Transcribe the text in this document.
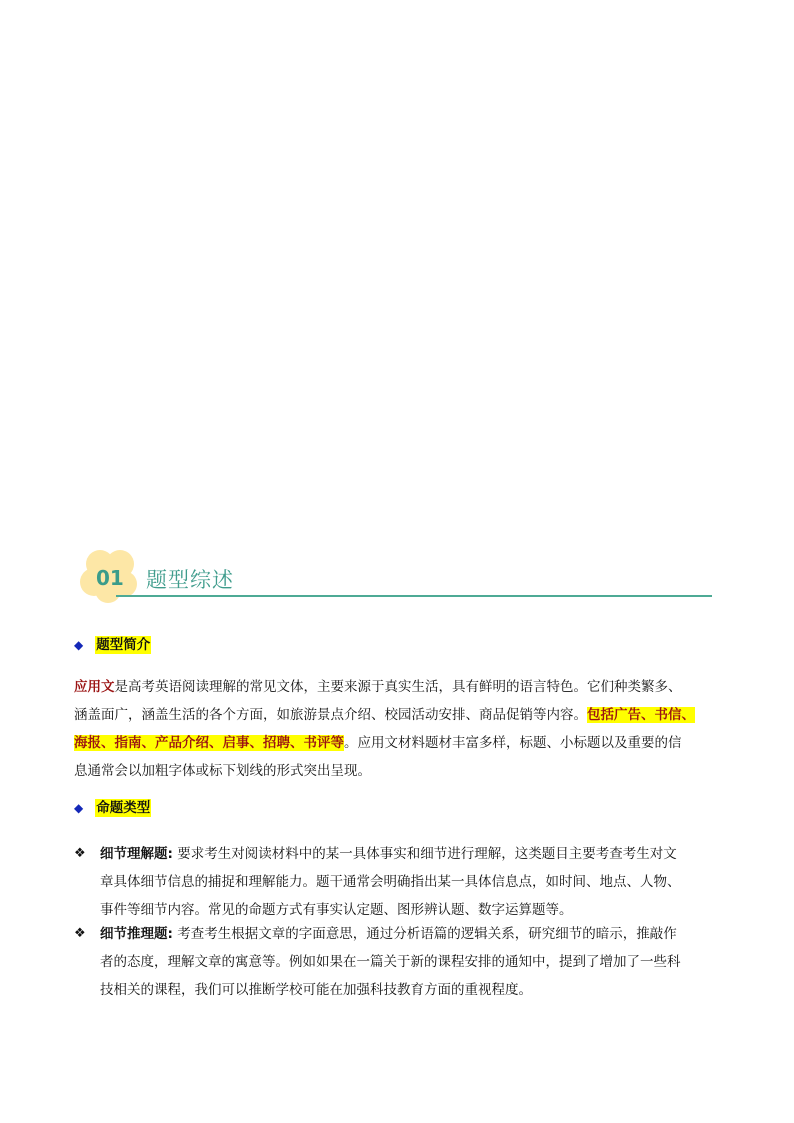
01 题型综述
◆ 题型简介
应用文是高考英语阅读理解的常见文体，主要来源于真实生活，具有鲜明的语言特色。它们种类繁多、
涵盖面广，涵盖生活的各个方面，如旅游景点介绍、校园活动安排、商品促销等内容。包括广告、书信、
海报、指南、产品介绍、启事、招聘、书评等。应用文材料题材丰富多样，标题、小标题以及重要的信
息通常会以加粗字体或标下划线的形式突出呈现。
◆ 命题类型
❖	细节理解题: 要求考生对阅读材料中的某一具体事实和细节进行理解，这类题目主要考查考生对文
章具体细节信息的捕捉和理解能力。题干通常会明确指出某一具体信息点，如时间、地点、人物、
事件等细节内容。常见的命题方式有事实认定题、图形辨认题、数字运算题等。
❖	细节推理题: 考查考生根据文章的字面意思，通过分析语篇的逻辑关系，研究细节的暗示，推敲作
者的态度，理解文章的寓意等。例如如果在一篇关于新的课程安排的通知中，提到了增加了一些科
技相关的课程，我们可以推断学校可能在加强科技教育方面的重视程度。
